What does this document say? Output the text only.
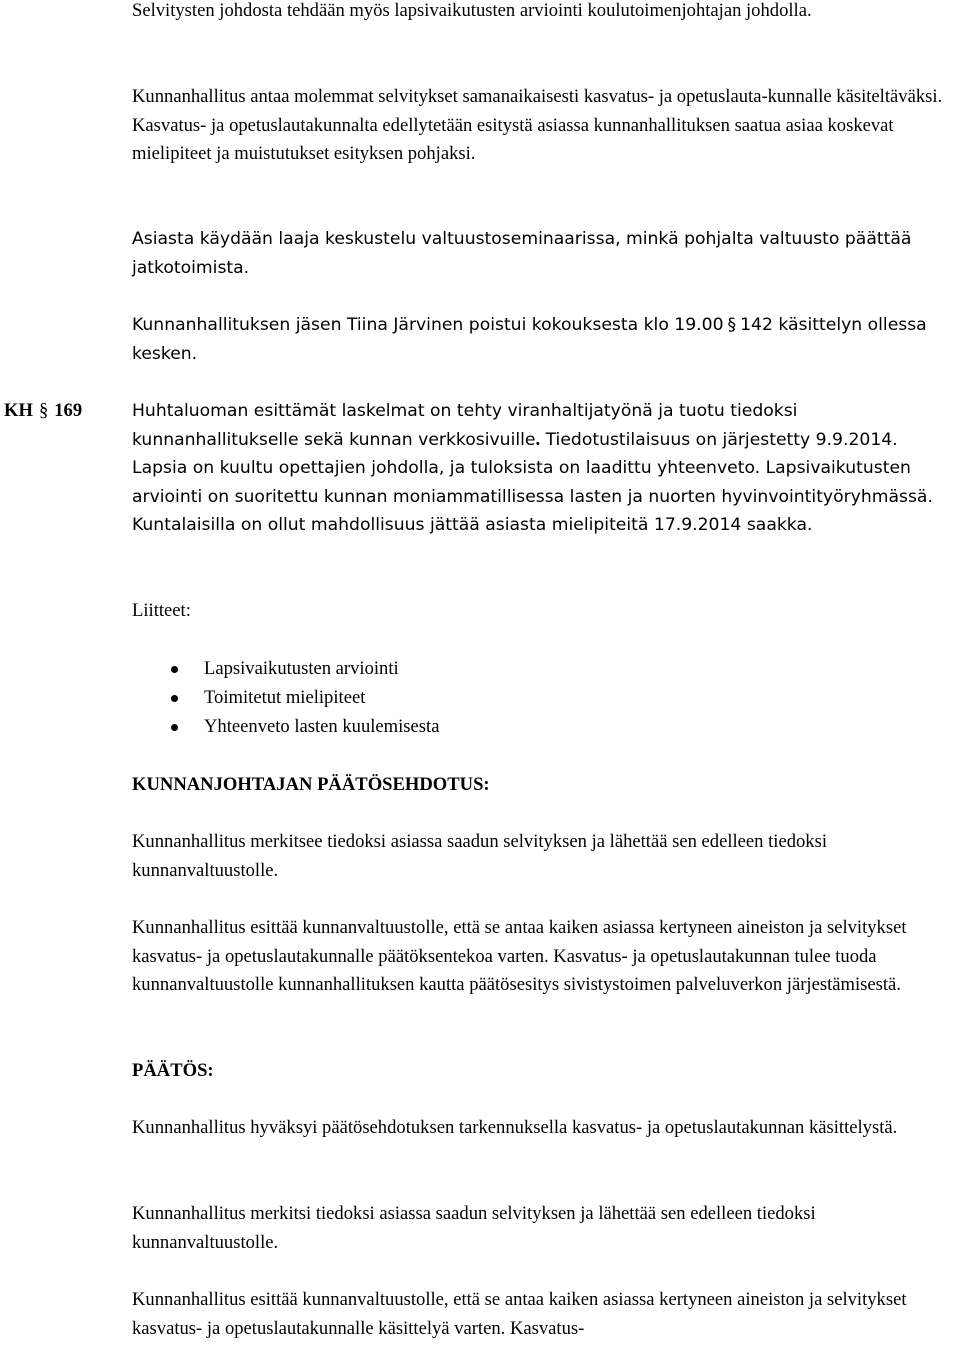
Selvitysten johdosta tehdään myös lapsivaikutusten arviointi koulutoimenjohtajan johdolla.

Kunnanhallitus antaa molemmat selvitykset samanaikaisesti kasvatus- ja opetuslauta-kunnalle käsiteltäväksi. Kasvatus- ja opetuslautakunnalta edellytetään esitystä asiassa kunnanhallituksen saatua asiaa koskevat mielipiteet ja muistutukset esityksen pohjaksi.

Asiasta käydään laaja keskustelu valtuustoseminaarissa, minkä pohjalta valtuusto päättää jatkotoimista.

Kunnanhallituksen jäsen Tiina Järvinen poistui kokouksesta klo 19.00 § 142 käsittelyn ollessa kesken.

KH § 169	Huhtaluoman esittämät laskelmat on tehty viranhaltijatyönä ja tuotu tiedoksi kunnanhallitukselle sekä kunnan verkkosivuille. Tiedotustilaisuus on järjestetty 9.9.2014. Lapsia on kuultu opettajien johdolla, ja tuloksista on laadittu yhteenveto. Lapsivaikutusten arviointi on suoritettu kunnan moniammatillisessa lasten ja nuorten hyvinvointityöryhmässä. Kuntalaisilla on ollut mahdollisuus jättää asiasta mielipiteitä 17.9.2014 saakka.

Liitteet:

Lapsivaikutusten arviointi
Toimitetut mielipiteet
Yhteenveto lasten kuulemisesta

KUNNANJOHTAJAN PÄÄTÖSEHDOTUS:

Kunnanhallitus merkitsee tiedoksi asiassa saadun selvityksen ja lähettää sen edelleen tiedoksi kunnanvaltuustolle.

Kunnanhallitus esittää kunnanvaltuustolle, että se antaa kaiken asiassa kertyneen aineiston ja selvitykset kasvatus- ja opetuslautakunnalle päätöksentekoa varten. Kasvatus- ja opetuslautakunnan tulee tuoda kunnanvaltuustolle kunnanhallituksen kautta päätösesitys sivistystoimen palveluverkon järjestämisestä.

PÄÄTÖS:

Kunnanhallitus hyväksyi päätösehdotuksen tarkennuksella kasvatus- ja opetuslautakunnan käsittelystä.

Kunnanhallitus merkitsi tiedoksi asiassa saadun selvityksen ja lähettää sen edelleen tiedoksi kunnanvaltuustolle.

Kunnanhallitus esittää kunnanvaltuustolle, että se antaa kaiken asiassa kertyneen aineiston ja selvitykset kasvatus- ja opetuslautakunnalle käsittelyä varten. Kasvatus-
